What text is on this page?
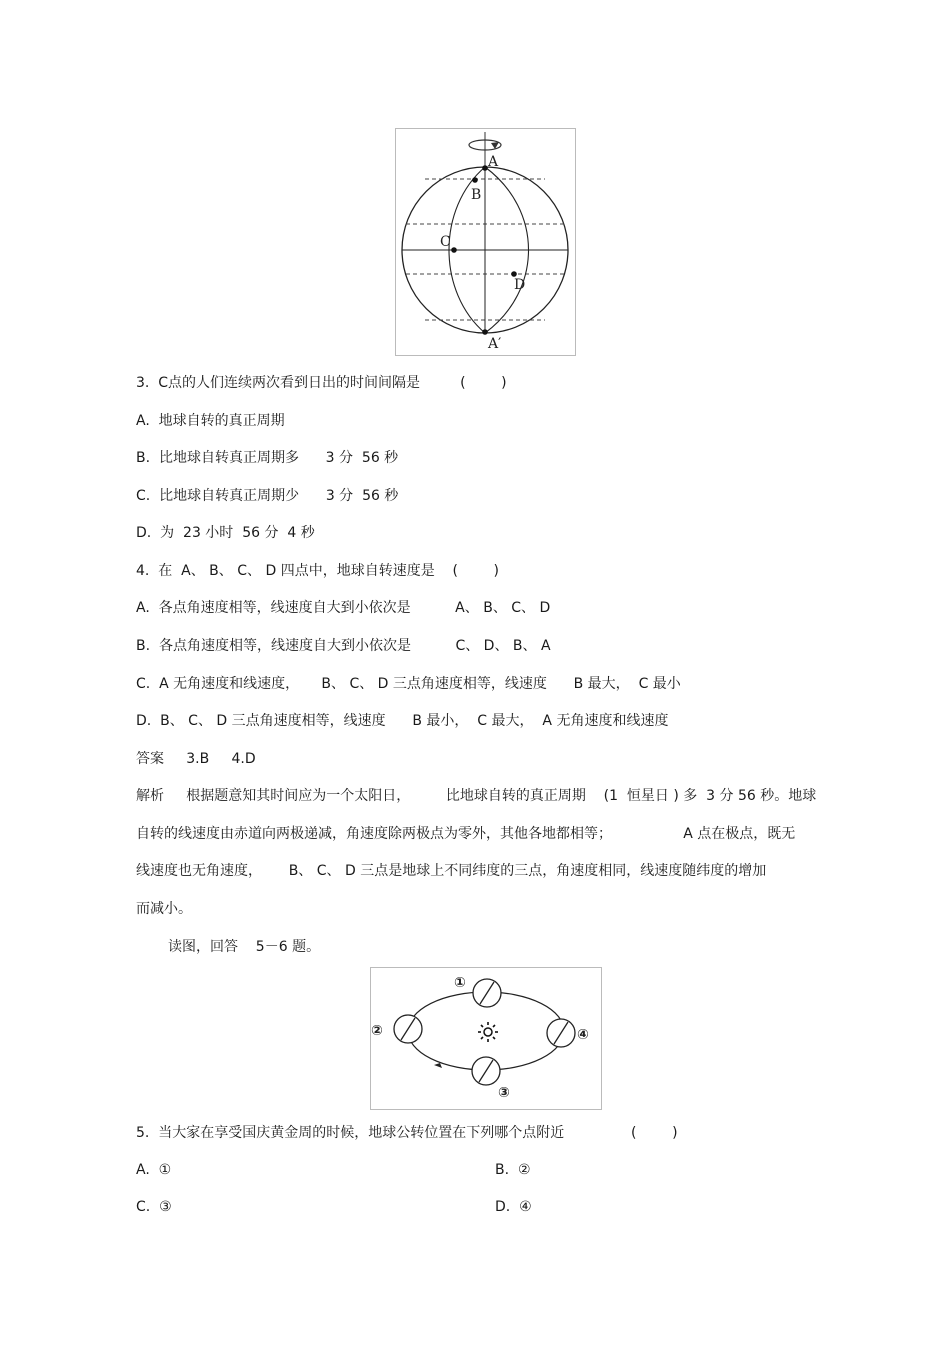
A
B
C
D
A′
3.  C点的人们连续两次看到日出的时间间隔是         (        )
A.  地球自转的真正周期
B.  比地球自转真正周期多      3 分  56 秒
C.  比地球自转真正周期少      3 分  56 秒
D.  为  23 小时  56 分  4 秒
4.  在  A、 B、 C、 D 四点中，地球自转速度是    (        )
A.  各点角速度相等，线速度自大到小依次是          A、 B、 C、 D
B.  各点角速度相等，线速度自大到小依次是          C、 D、 B、 A
C.  A 无角速度和线速度，     B、 C、 D 三点角速度相等，线速度      B 最大，  C 最小
D.  B、 C、 D 三点角速度相等，线速度      B 最小，  C 最大，  A 无角速度和线速度
答案     3.B     4.D
解析     根据题意知其时间应为一个太阳日，        比地球自转的真正周期    (1  恒星日 ) 多  3 分 56 秒。地球
自转的线速度由赤道向两极递减，角速度除两极点为零外，其他各地都相等；                A 点在极点，既无
线速度也无角速度，      B、 C、 D 三点是地球上不同纬度的三点，角速度相同，线速度随纬度的增加
而减小。
读图，回答    5－6 题。
①
②
③
④
5.  当大家在享受国庆黄金周的时候，地球公转位置在下列哪个点附近               (        )
A.  ①	B.  ②
C.  ③	D.  ④
